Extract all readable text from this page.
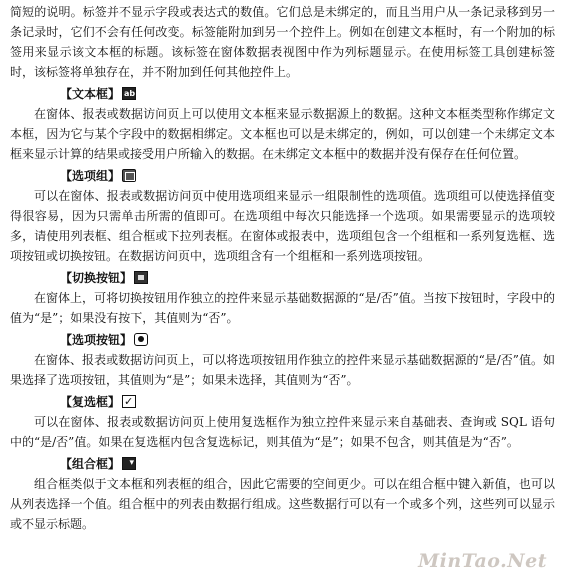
简短的说明。标签并不显示字段或表达式的数值。它们总是未绑定的，而且当用户从一条记录移到另一条记录时，它们不会有任何改变。标签能附加到另一个控件上。例如在创建文本框时，有一个附加的标签用来显示该文本框的标题。该标签在窗体数据表视图中作为列标题显示。在使用标签工具创建标签时，该标签将单独存在，并不附加到任何其他控件上。

【文本框】ab

在窗体、报表或数据访问页上可以使用文本框来显示数据源上的数据。这种文本框类型称作绑定文本框，因为它与某个字段中的数据相绑定。文本框也可以是未绑定的，例如，可以创建一个未绑定文本框来显示计算的结果或接受用户所输入的数据。在未绑定文本框中的数据并没有保存在任何位置。

【选项组】

可以在窗体、报表或数据访问页中使用选项组来显示一组限制性的选项值。选项组可以使选择值变得很容易，因为只需单击所需的值即可。在选项组中每次只能选择一个选项。如果需要显示的选项较多，请使用列表框、组合框或下拉列表框。在窗体或报表中，选项组包含一个组框和一系列复选框、选项按钮或切换按钮。在数据访问页中，选项组含有一个组框和一系列选项按钮。

【切换按钮】

在窗体上，可将切换按钮用作独立的控件来显示基础数据源的“是/否”值。当按下按钮时，字段中的值为“是”；如果没有按下，其值则为“否”。

【选项按钮】

在窗体、报表或数据访问页上，可以将选项按钮用作独立的控件来显示基础数据源的“是/否”值。如果选择了选项按钮，其值则为“是”；如果未选择，其值则为“否”。

【复选框】✓

可以在窗体、报表或数据访问页上使用复选框作为独立控件来显示来自基础表、查询或 SQL 语句中的“是/否”值。如果在复选框内包含复选标记，则其值为“是”；如果不包含，则其值是为“否”。

【组合框】▾

组合框类似于文本框和列表框的组合，因此它需要的空间更少。可以在组合框中键入新值，也可以从列表选择一个值。组合框中的列表由数据行组成。这些数据行可以有一个或多个列，这些列可以显示或不显示标题。

MinTao.Net
